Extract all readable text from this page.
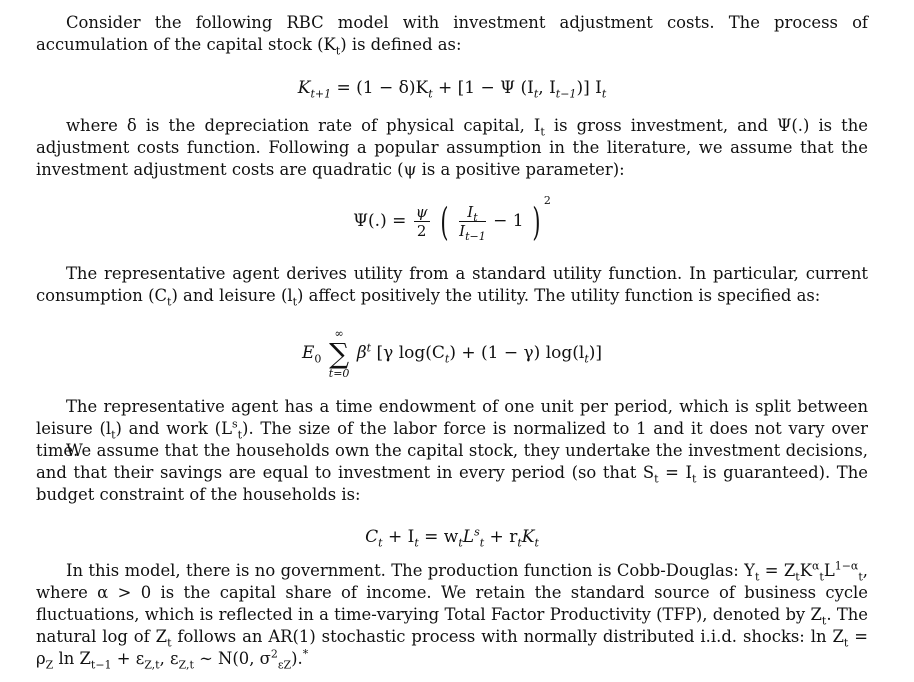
Consider the following RBC model with investment adjustment costs. The process of accumulation of the capital stock $(K_t)$ is defined as:

$K_{t+1} = (1 - \delta)K_t + [1 - \Psi$ ($I_t$, $I_{t-1}$)] $I_t$

where δ is the depreciation rate of physical capital, $I_t$ is gross investment, and Ψ(.) is the adjustment costs function. Following a popular assumption in the literature, we assume that the investment adjustment costs are quadratic (ψ is a positive parameter):

$\Psi(.) = \frac{\psi}{2}$ ( $\frac{I_t}{I_{t-1}} - 1$ ) $^2$

The representative agent derives utility from a standard utility function. In particular, current consumption $(C_t)$ and leisure $(l_t)$ affect positively the utility. The utility function is specified as:

$E_0$
∞
∑
t=0
$\beta^t$ [γ $\log(C_t) + (1 - \gamma)$ $\log(l_t)$]

The representative agent has a time endowment of one unit per period, which is split between leisure $(l_t)$ and work $(L^s_t)$. The size of the labor force is normalized to 1 and it does not vary over time.

We assume that the households own the capital stock, they undertake the investment decisions, and that their savings are equal to investment in every period (so that $S_t = I_t$ is guaranteed). The budget constraint of the households is:

$C_t + I_t = w_tL^s_t + r_tK_t$

In this model, there is no government. The production function is Cobb-Douglas: $Y_t = Z_tK^\alpha_tL^{1-\alpha}_t$, where α > 0 is the capital share of income. We retain the standard source of business cycle fluctuations, which is reflected in a time-varying Total Factor Productivity (TFP), denoted by $Z_t$. The natural log of $Z_t$ follows an AR(1) stochastic process with normally distributed i.i.d. shocks: $\ln Z_t = \rho_Z$ $\ln Z_{t-1} + \varepsilon_{Z,t}$, $\varepsilon_{Z,t}$ ∼ N(0, $\sigma^2_{\varepsilon Z}).^*$
